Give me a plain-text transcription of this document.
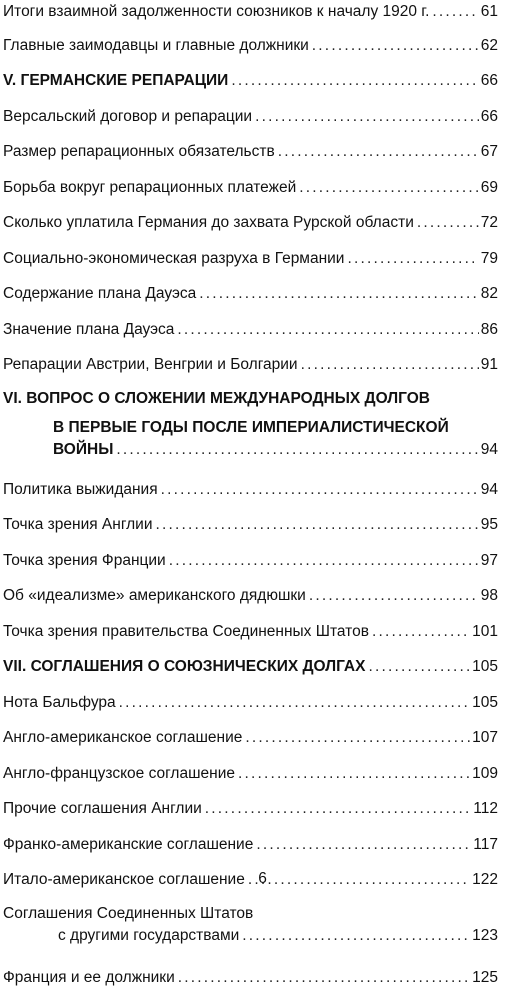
Итоги взаимной задолженности союзников к началу 1920 г. .....	61
Главные заимодавцы и главные должники .....	62
V. ГЕРМАНСКИЕ РЕПАРАЦИИ .....	66
Версальский договор и репарации .....	66
Размер репарационных обязательств .....	67
Борьба вокруг репарационных платежей .....	69
Сколько уплатила Германия до захвата Рурской области .....	72
Социально-экономическая разруха в Германии .....	79
Содержание плана Дауэса .....	82
Значение плана Дауэса .....	86
Репарации Австрии, Венгрии и Болгарии .....	91
VI. ВОПРОС О СЛОЖЕНИИ МЕЖДУНАРОДНЫХ ДОЛГОВ
В ПЕРВЫЕ ГОДЫ ПОСЛЕ ИМПЕРИАЛИСТИЧЕСКОЙ
ВОЙНЫ .....	94
Политика выжидания .....	94
Точка зрения Англии .....	95
Точка зрения Франции .....	97
Об «идеализме» американского дядюшки .....	98
Точка зрения правительства Соединенных Штатов .....	101
VII. СОГЛАШЕНИЯ О СОЮЗНИЧЕСКИХ ДОЛГАХ .....	105
Нота Бальфура .....	105
Англо-американское соглашение .....	107
Англо-французское соглашение .....	109
Прочие соглашения Англии .....	112
Франко-американские соглашение .....	117
Итало-американское соглашение .....	122
Соглашения Соединенных Штатов
с другими государствами .....	123
Франция и ее должники .....	125
6
